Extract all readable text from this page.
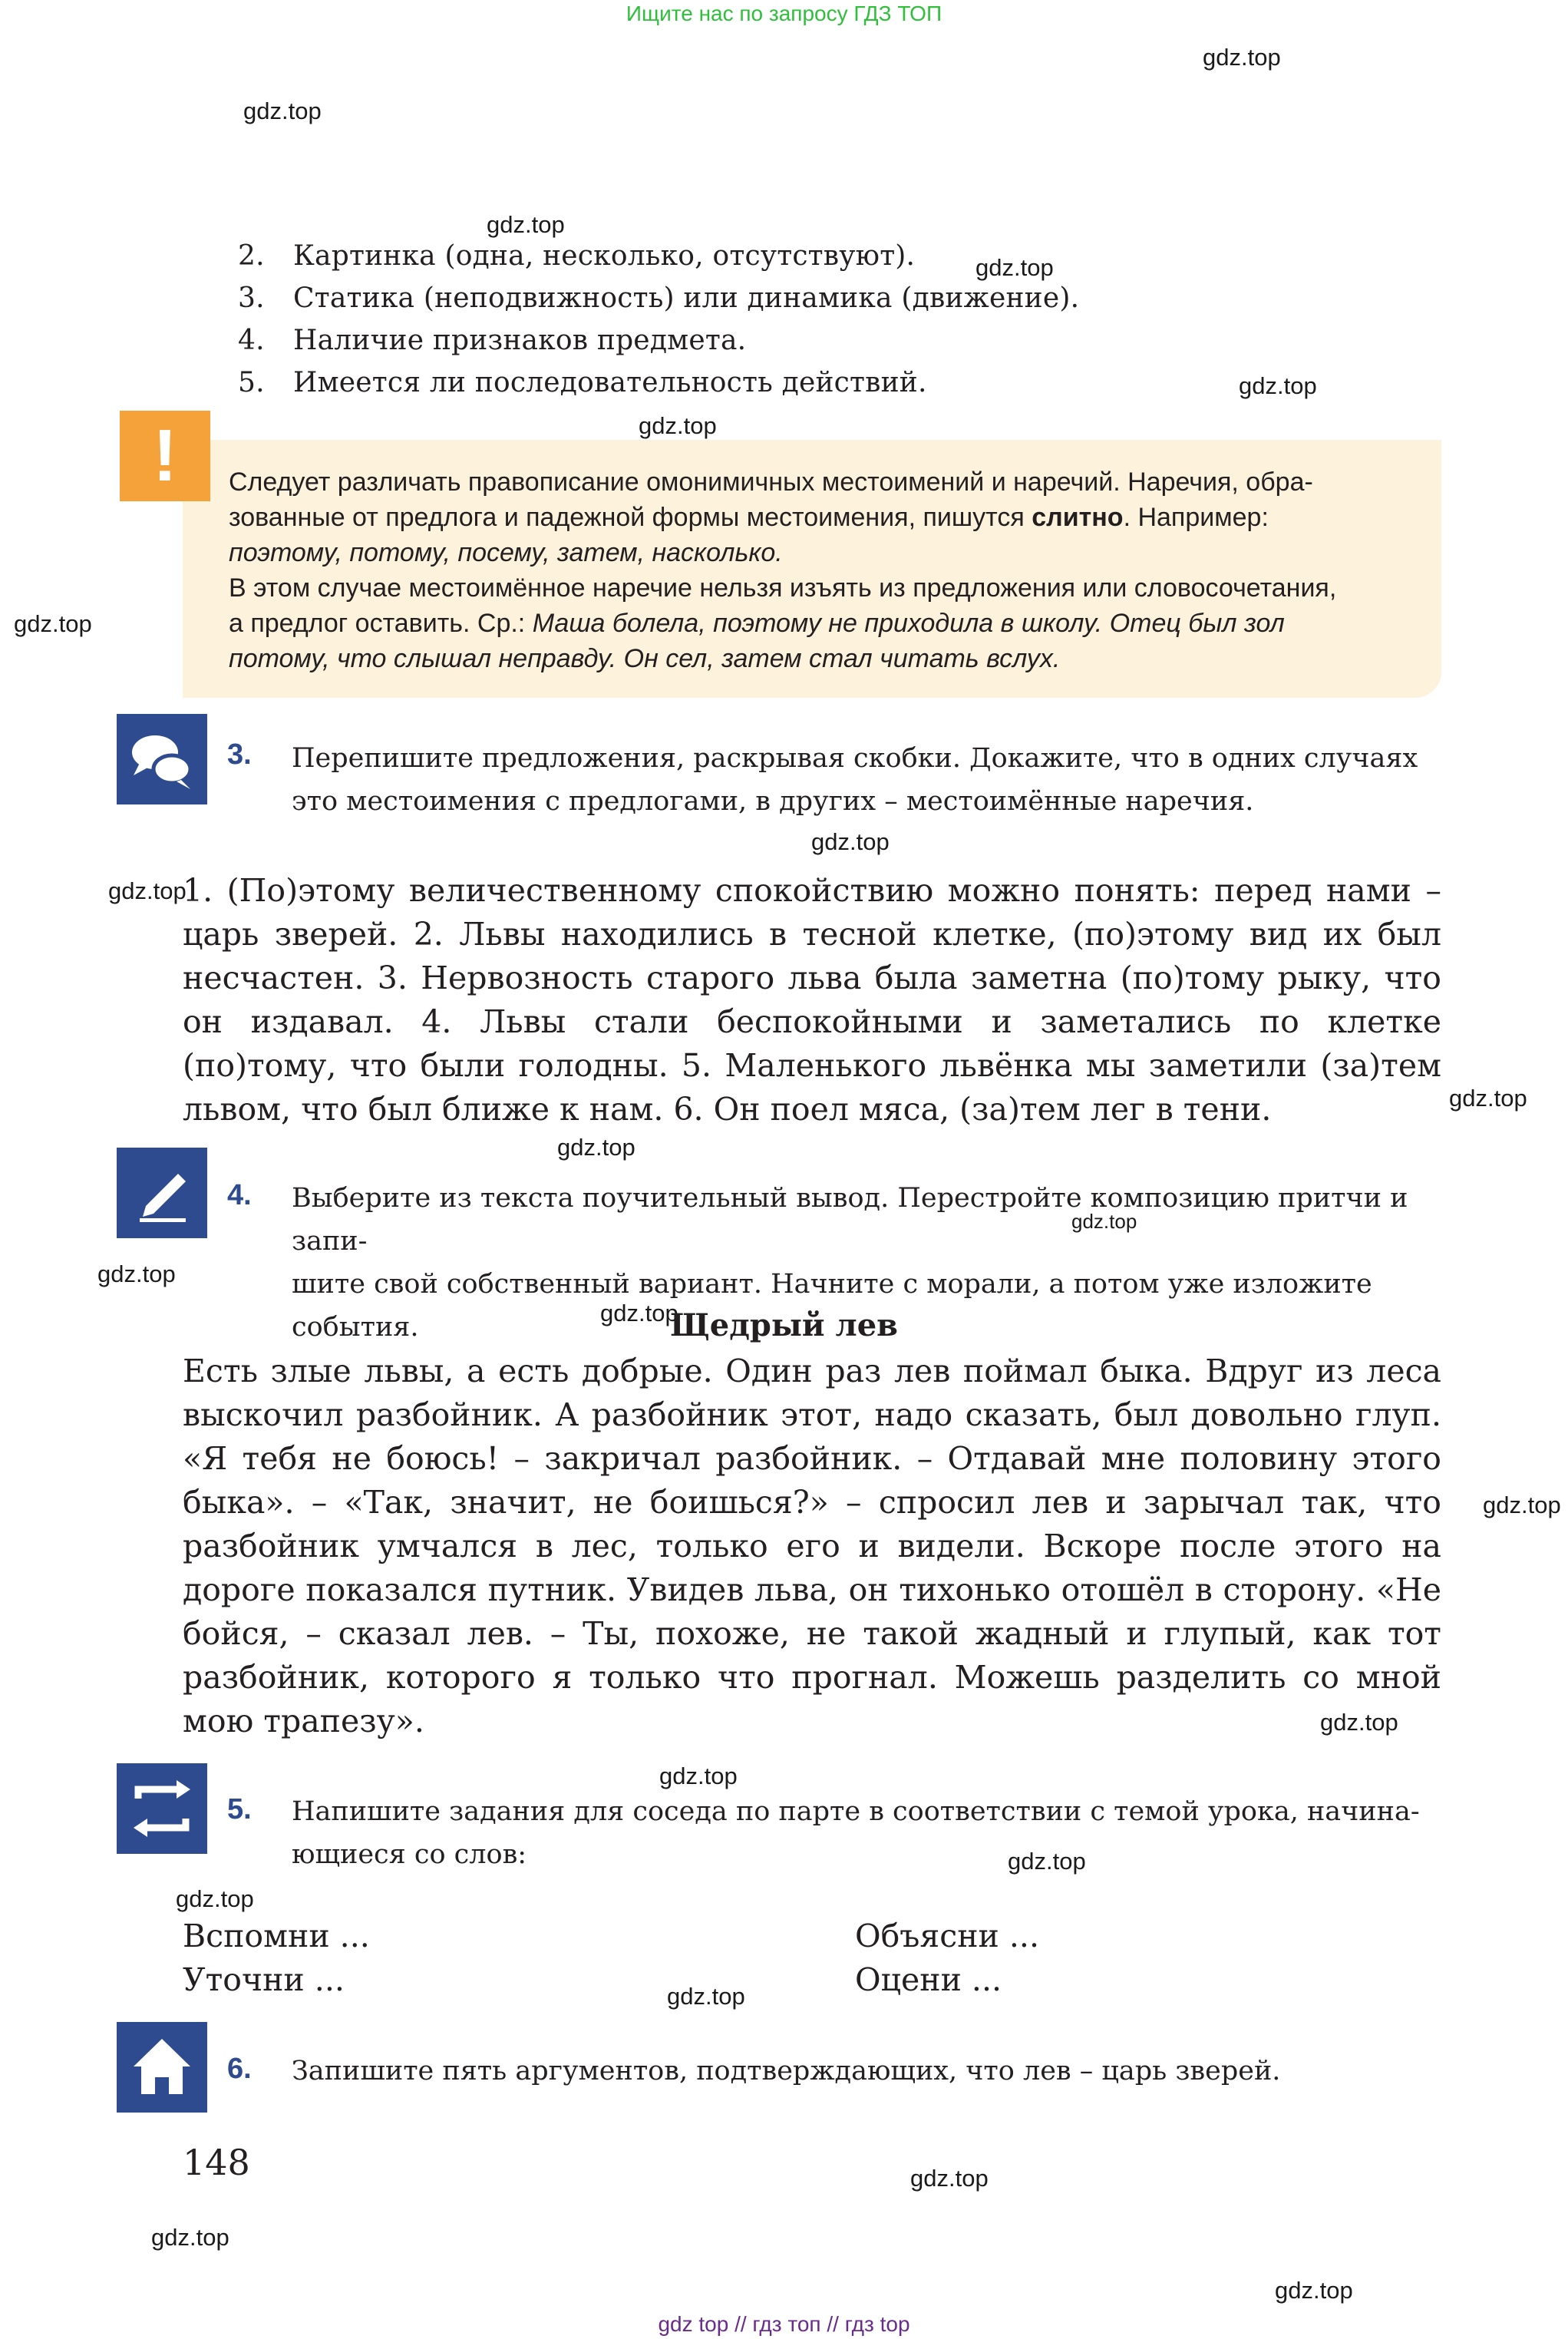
Ищите нас по запросу ГДЗ ТОП
gdz.top
gdz.top
gdz.top
gdz.top
gdz.top
gdz.top
gdz.top
gdz.top
gdz.top
gdz.top
gdz.top
gdz.top
gdz.top
gdz.top
gdz.top
gdz.top
gdz.top
gdz.top
gdz.top
gdz.top
gdz.top
gdz.top
gdz.top
2. Картинка (одна, несколько, отсутствуют).
3. Статика (неподвижность) или динамика (движение).
4. Наличие признаков предмета.
5. Имеется ли последовательность действий.
!	Следует различать правописание омонимичных местоимений и наречий. Наречия, обра-
зованные от предлога и падежной формы местоимения, пишутся слитно. Например:
поэтому, потому, посему, затем, насколько.
В этом случае местоимённое наречие нельзя изъять из предложения или словосочетания,
а предлог оставить. Ср.: Маша болела, поэтому не приходила в школу. Отец был зол
потому, что слышал неправду. Он сел, затем стал читать вслух.
3. Перепишите предложения, раскрывая скобки. Докажите, что в одних случаях
это местоимения с предлогами, в других – местоимённые наречия.
1. (По)этому величественному спокойствию можно понять: перед нами – царь зверей. 2. Львы находились в тесной клетке, (по)этому вид их был несчастен. 3. Нервозность старого льва была заметна (по)тому рыку, что он издавал. 4. Львы стали беспокойными и заметались по клетке (по)тому, что были голодны. 5. Маленького львёнка мы заметили (за)тем львом, что был ближе к нам. 6. Он поел мяса, (за)тем лег в тени.
4. Выберите из текста поучительный вывод. Перестройте композицию притчи и запи-
шите свой собственный вариант. Начните с морали, а потом уже изложите события.	Щедрый лев
Есть злые львы, а есть добрые. Один раз лев поймал быка. Вдруг из леса выскочил разбойник. А разбойник этот, надо сказать, был довольно глуп. «Я тебя не боюсь! – закричал разбойник. – Отдавай мне половину этого быка». – «Так, значит, не боишься?» – спросил лев и зарычал так, что разбойник умчался в лес, только его и видели. Вскоре после этого на дороге показался путник. Увидев льва, он тихонько отошёл в сторону. «Не бойся, – сказал лев. – Ты, похоже, не такой жадный и глупый, как тот разбойник, которого я только что прогнал. Можешь разделить со мной мою трапезу».
5. Напишите задания для соседа по парте в соответствии с темой урока, начина-
ющиеся со слов:
Вспомни ...
Уточни ...
Объясни ...
Оцени ...
6. Запишите пять аргументов, подтверждающих, что лев – царь зверей.
148
gdz top // гдз топ // гдз top
